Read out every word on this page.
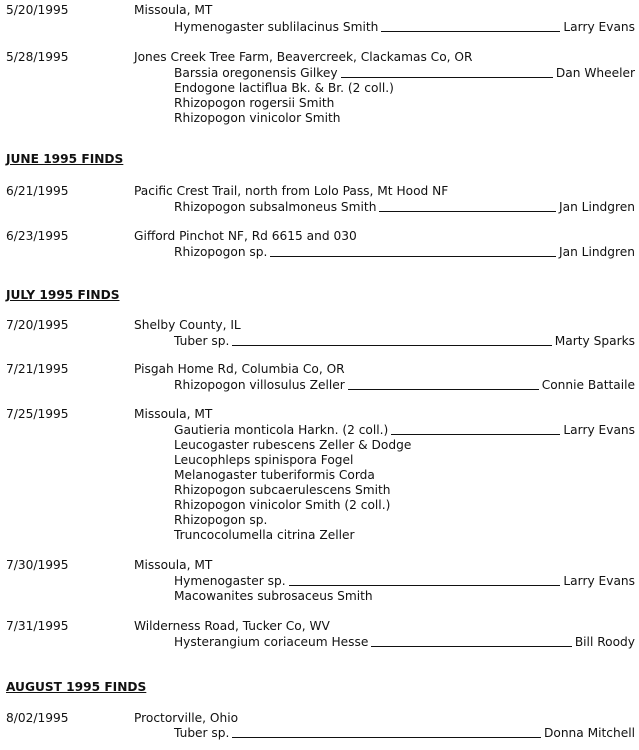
5/20/1995	Missoula, MT
Hymenogaster sublilacinus Smith	Larry Evans
5/28/1995	Jones Creek Tree Farm, Beavercreek, Clackamas Co, OR
Barssia oregonensis Gilkey	Dan Wheeler
Endogone lactiflua Bk. & Br. (2 coll.)
Rhizopogon rogersii Smith
Rhizopogon vinicolor Smith
JUNE 1995 FINDS
6/21/1995	Pacific Crest Trail, north from Lolo Pass, Mt Hood NF
Rhizopogon subsalmoneus Smith	Jan Lindgren
6/23/1995	Gifford Pinchot NF, Rd 6615 and 030
Rhizopogon sp.	Jan Lindgren
JULY 1995 FINDS
7/20/1995	Shelby County, IL
Tuber sp.	Marty Sparks
7/21/1995	Pisgah Home Rd, Columbia Co, OR
Rhizopogon villosulus Zeller	Connie Battaile
7/25/1995	Missoula, MT
Gautieria monticola Harkn. (2 coll.)	Larry Evans
Leucogaster rubescens Zeller & Dodge
Leucophleps spinispora Fogel
Melanogaster tuberiformis Corda
Rhizopogon subcaerulescens Smith
Rhizopogon vinicolor Smith (2 coll.)
Rhizopogon sp.
Truncocolumella citrina Zeller
7/30/1995	Missoula, MT
Hymenogaster sp.	Larry Evans
Macowanites subrosaceus Smith
7/31/1995	Wilderness Road, Tucker Co, WV
Hysterangium coriaceum Hesse	Bill Roody
AUGUST 1995 FINDS
8/02/1995	Proctorville, Ohio
Tuber sp.	Donna Mitchell
